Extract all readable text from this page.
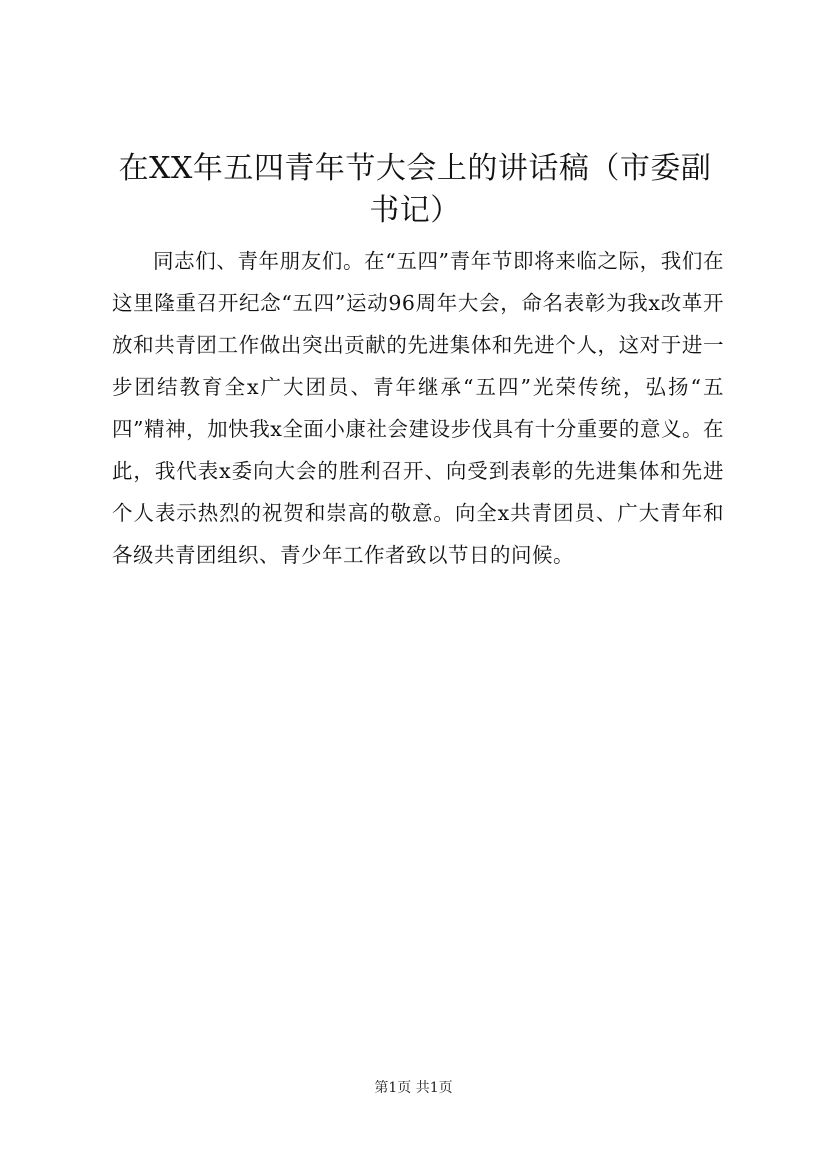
在XX年五四青年节大会上的讲话稿（市委副书记）

同志们、青年朋友们。在“五四”青年节即将来临之际，我们在这里隆重召开纪念“五四”运动96周年大会，命名表彰为我x改革开放和共青团工作做出突出贡献的先进集体和先进个人，这对于进一步团结教育全x广大团员、青年继承“五四”光荣传统，弘扬“五四”精神，加快我x全面小康社会建设步伐具有十分重要的意义。在此，我代表x委向大会的胜利召开、向受到表彰的先进集体和先进个人表示热烈的祝贺和崇高的敬意。向全x共青团员、广大青年和各级共青团组织、青少年工作者致以节日的问候。

第1页 共1页
